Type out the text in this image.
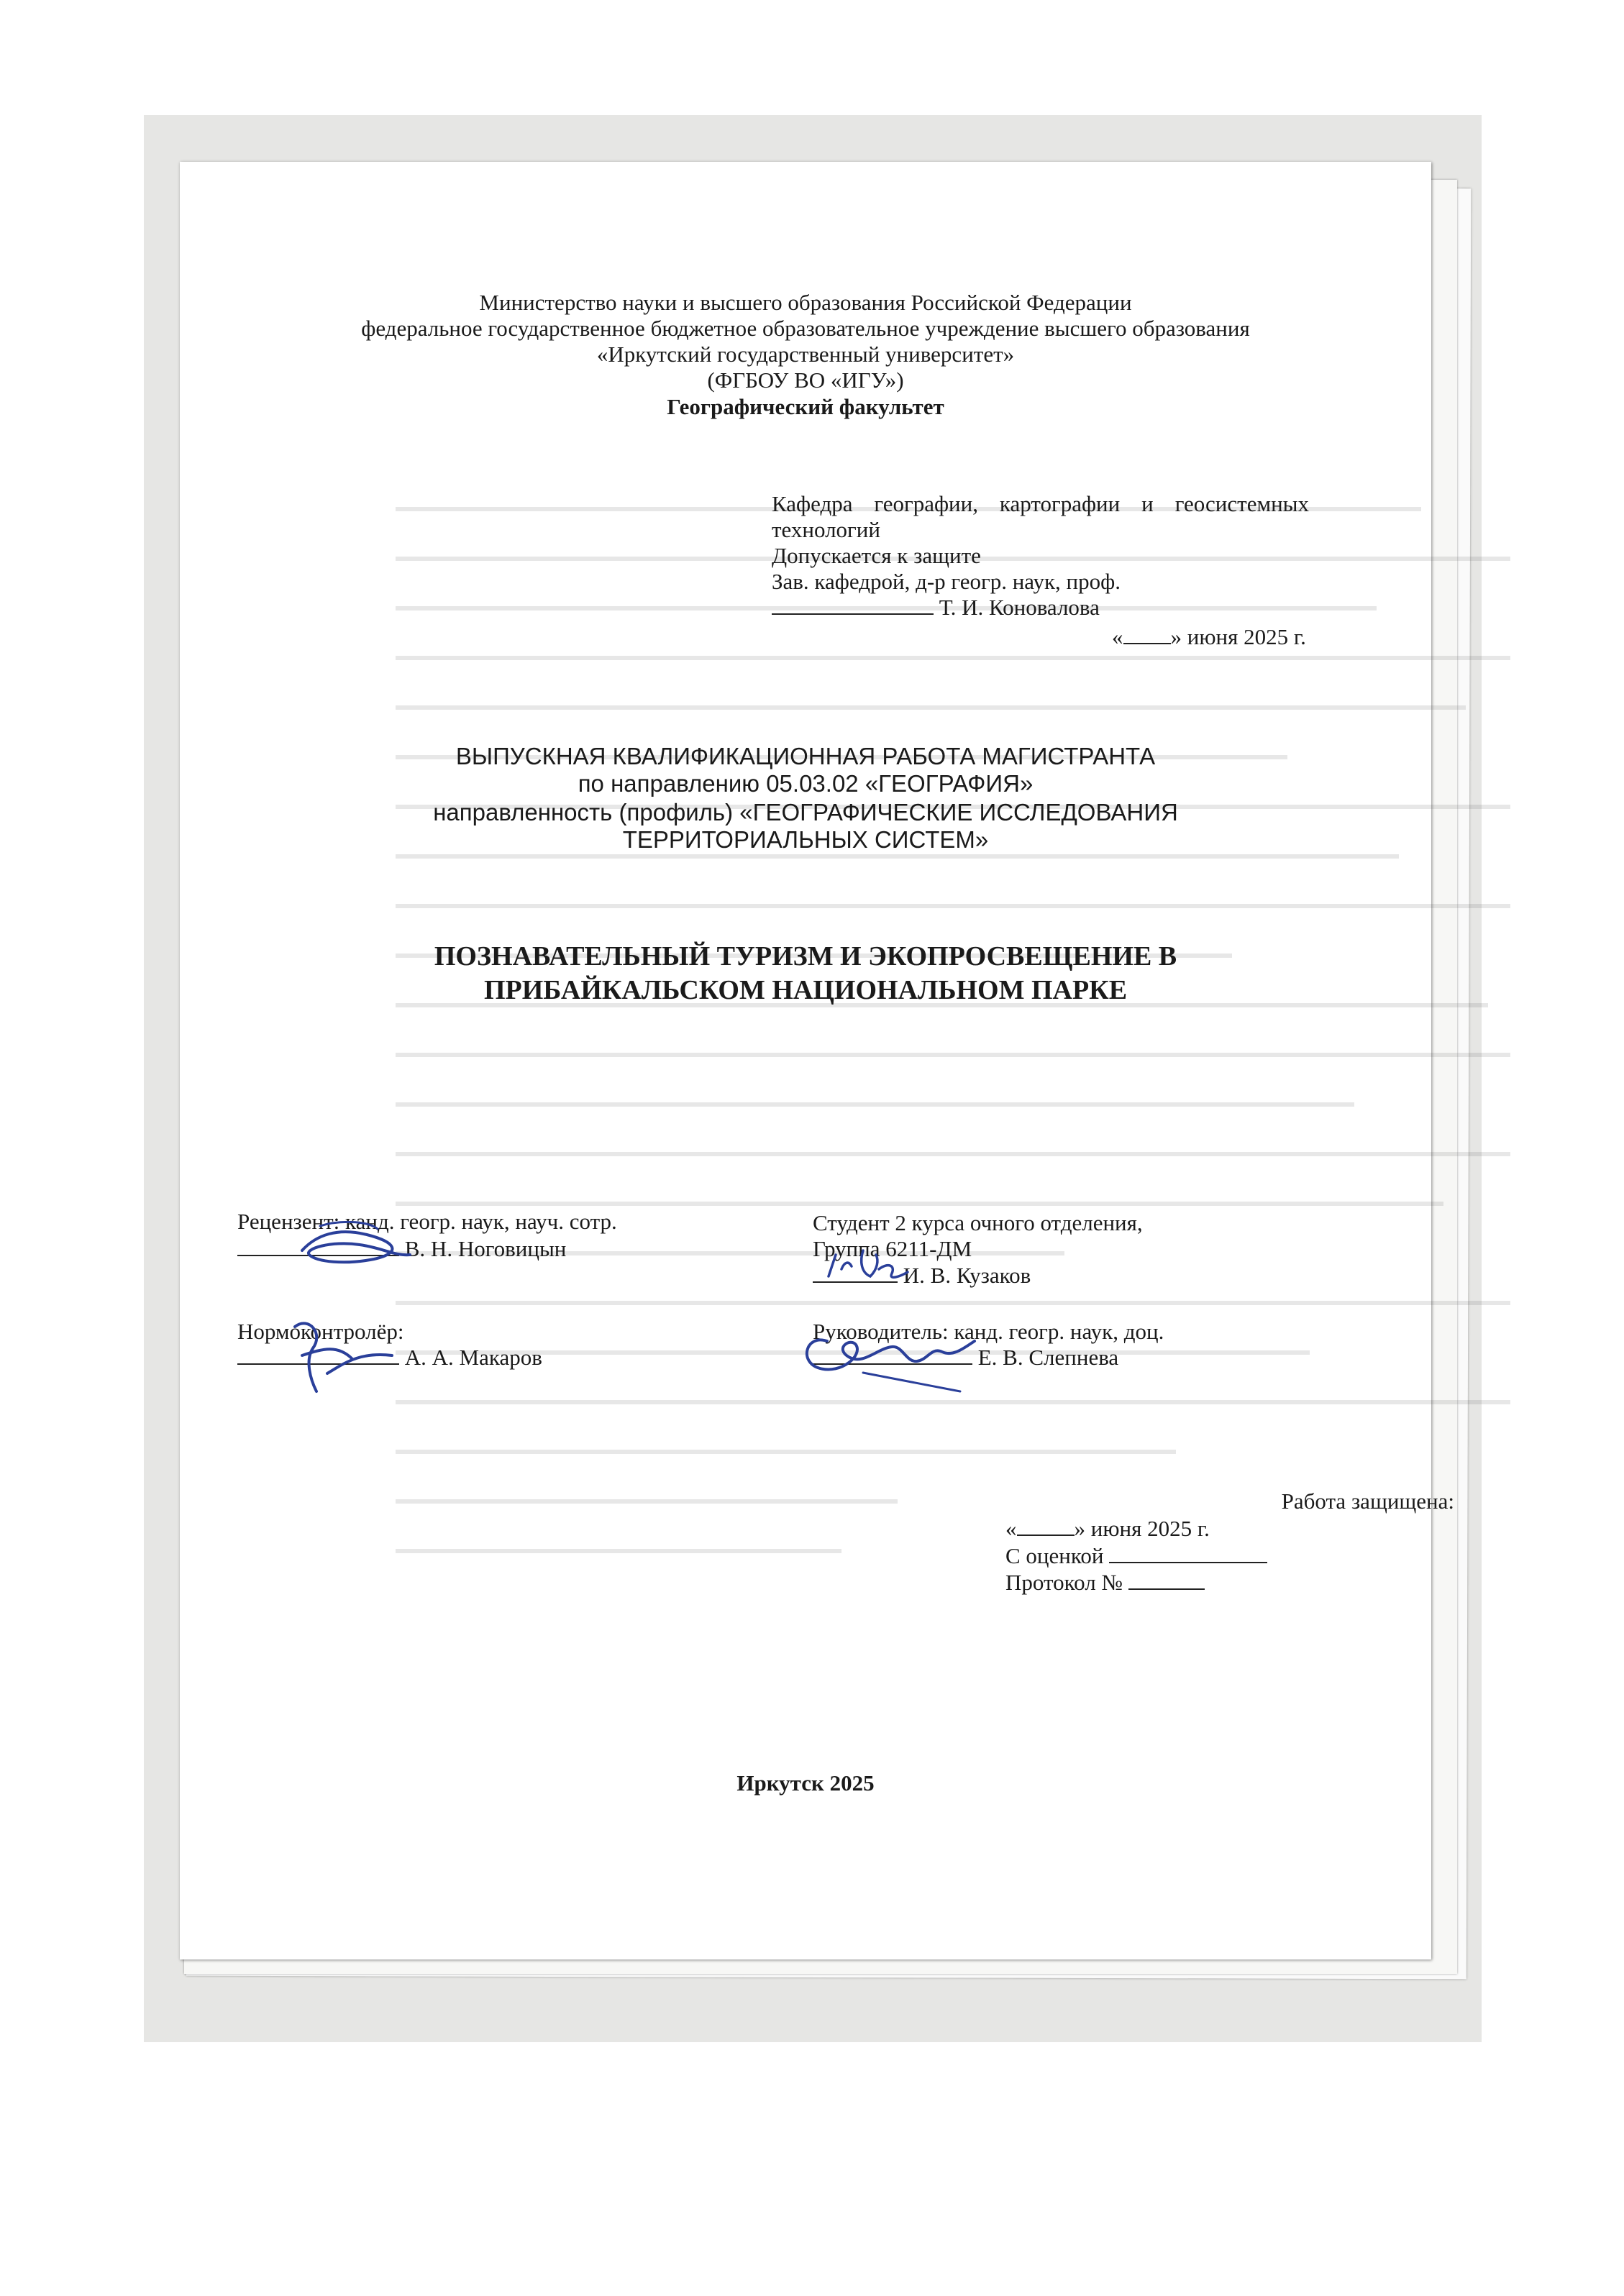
Министерство науки и высшего образования Российской Федерации
федеральное государственное бюджетное образовательное учреждение высшего образования
«Иркутский государственный университет»
(ФГБОУ ВО «ИГУ»)
Географический факультет
Кафедра географии, картографии и геосистемных
технологий
Допускается к защите
Зав. кафедрой, д-р геогр. наук, проф.
Т. И. Коновалова
« » июня 2025 г.
ВЫПУСКНАЯ КВАЛИФИКАЦИОННАЯ РАБОТА МАГИСТРАНТА
по направлению 05.03.02 «ГЕОГРАФИЯ»
направленность (профиль) «ГЕОГРАФИЧЕСКИЕ ИССЛЕДОВАНИЯ
ТЕРРИТОРИАЛЬНЫХ СИСТЕМ»
ПОЗНАВАТЕЛЬНЫЙ ТУРИЗМ И ЭКОПРОСВЕЩЕНИЕ В
ПРИБАЙКАЛЬСКОМ НАЦИОНАЛЬНОМ ПАРКЕ
Рецензент: канд. геогр. наук, науч. сотр.
В. Н. Ноговицын
Студент 2 курса очного отделения,
Группа 6211-ДМ
И. В. Кузаков
Нормоконтролёр:
А. А. Макаров
Руководитель: канд. геогр. наук, доц.
Е. В. Слепнева
Работа защищена:
«	» июня 2025 г.
С оценкой
Протокол №
Иркутск 2025
